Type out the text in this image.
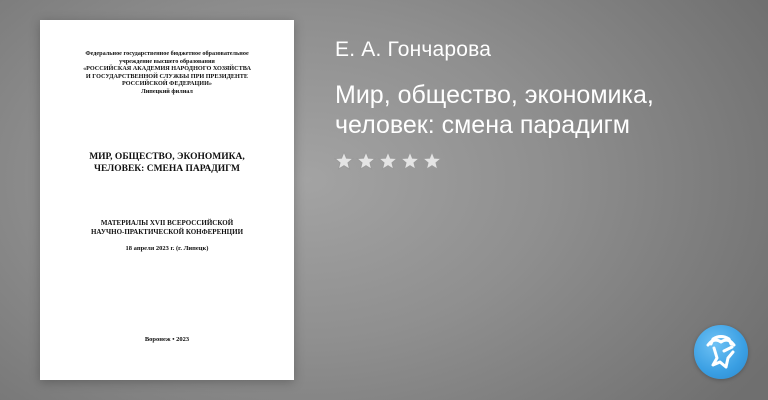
Федеральное государственное бюджетное образовательное
учреждение высшего образования
«РОССИЙСКАЯ АКАДЕМИЯ НАРОДНОГО ХОЗЯЙСТВА
И ГОСУДАРСТВЕННОЙ СЛУЖБЫ ПРИ ПРЕЗИДЕНТЕ
РОССИЙСКОЙ ФЕДЕРАЦИИ»
Липецкий филиал
МИР, ОБЩЕСТВО, ЭКОНОМИКА,
ЧЕЛОВЕК: СМЕНА ПАРАДИГМ
МАТЕРИАЛЫ XVII ВСЕРОССИЙСКОЙ
НАУЧНО-ПРАКТИЧЕСКОЙ КОНФЕРЕНЦИИ
18 апреля 2023 г. (г. Липецк)
Воронеж • 2023
Е. А. Гончарова
Мир, общество, экономика,
человек: смена парадигм
